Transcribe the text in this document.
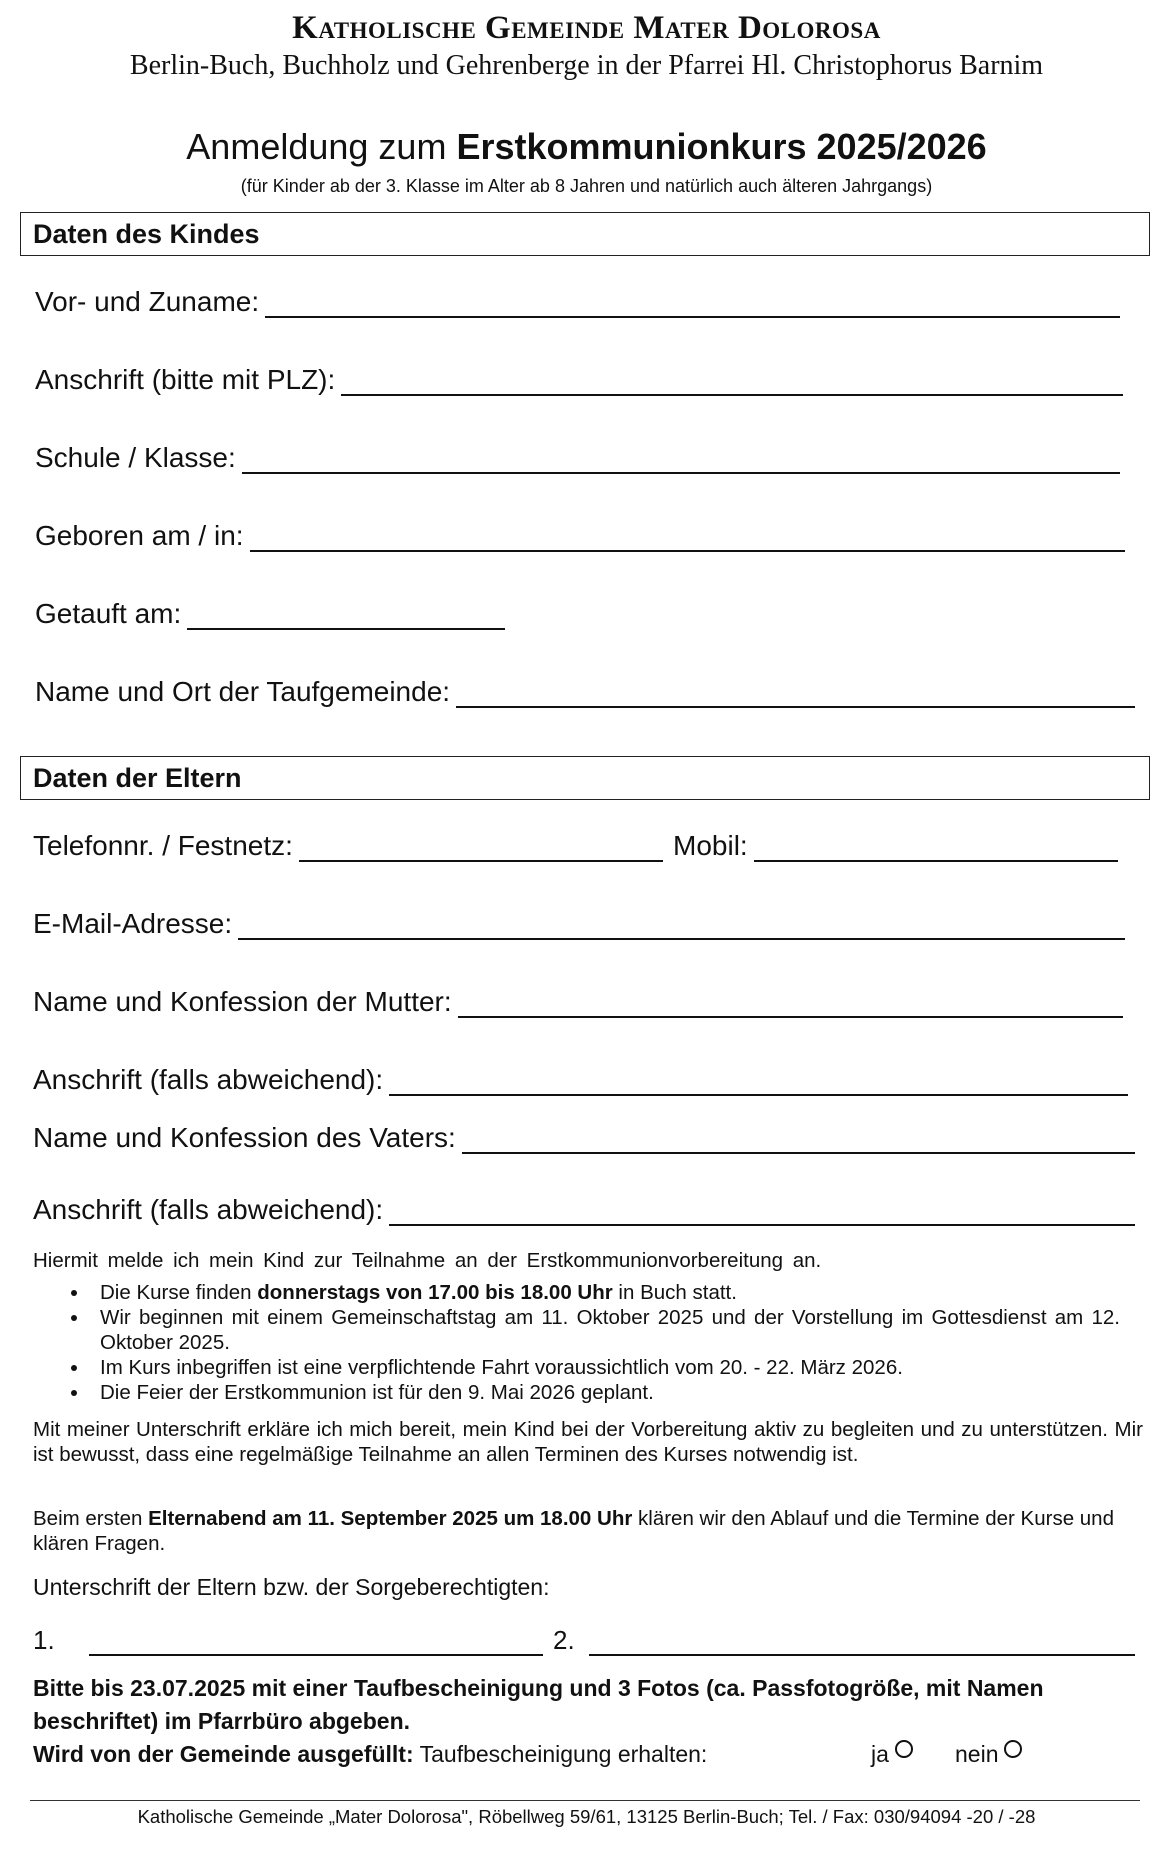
Katholische Gemeinde Mater Dolorosa
Berlin-Buch, Buchholz und Gehrenberge in der Pfarrei Hl. Christophorus Barnim
Anmeldung zum Erstkommunionkurs 2025/2026
(für Kinder ab der 3. Klasse im Alter ab 8 Jahren und natürlich auch älteren Jahrgangs)
Daten des Kindes
Vor- und Zuname:
Anschrift (bitte mit PLZ):
Schule / Klasse:
Geboren am / in:
Getauft am:
Name und Ort der Taufgemeinde:
Daten der Eltern
Telefonnr. / Festnetz:	Mobil:
E-Mail-Adresse:
Name und Konfession der Mutter:
Anschrift (falls abweichend):
Name und Konfession des Vaters:
Anschrift (falls abweichend):
Hiermit melde ich mein Kind zur Teilnahme an der Erstkommunionvorbereitung an.
• Die Kurse finden donnerstags von 17.00 bis 18.00 Uhr in Buch statt.
• Wir beginnen mit einem Gemeinschaftstag am 11. Oktober 2025 und der Vorstellung im Gottesdienst am 12. Oktober 2025.
• Im Kurs inbegriffen ist eine verpflichtende Fahrt voraussichtlich vom 20. - 22. März 2026.
• Die Feier der Erstkommunion ist für den 9. Mai 2026 geplant.
Mit meiner Unterschrift erkläre ich mich bereit, mein Kind bei der Vorbereitung aktiv zu begleiten und zu unterstützen. Mir ist bewusst, dass eine regelmäßige Teilnahme an allen Terminen des Kurses notwendig ist.
Beim ersten Elternabend am 11. September 2025 um 18.00 Uhr klären wir den Ablauf und die Termine der Kurse und klären Fragen.
Unterschrift der Eltern bzw. der Sorgeberechtigten:
1.	2.
Bitte bis 23.07.2025 mit einer Taufbescheinigung und 3 Fotos (ca. Passfotogröße, mit Namen beschriftet) im Pfarrbüro abgeben.
Wird von der Gemeinde ausgefüllt: Taufbescheinigung erhalten:	ja	nein
Katholische Gemeinde „Mater Dolorosa", Röbellweg 59/61, 13125 Berlin-Buch; Tel. / Fax: 030/94094 -20 / -28
